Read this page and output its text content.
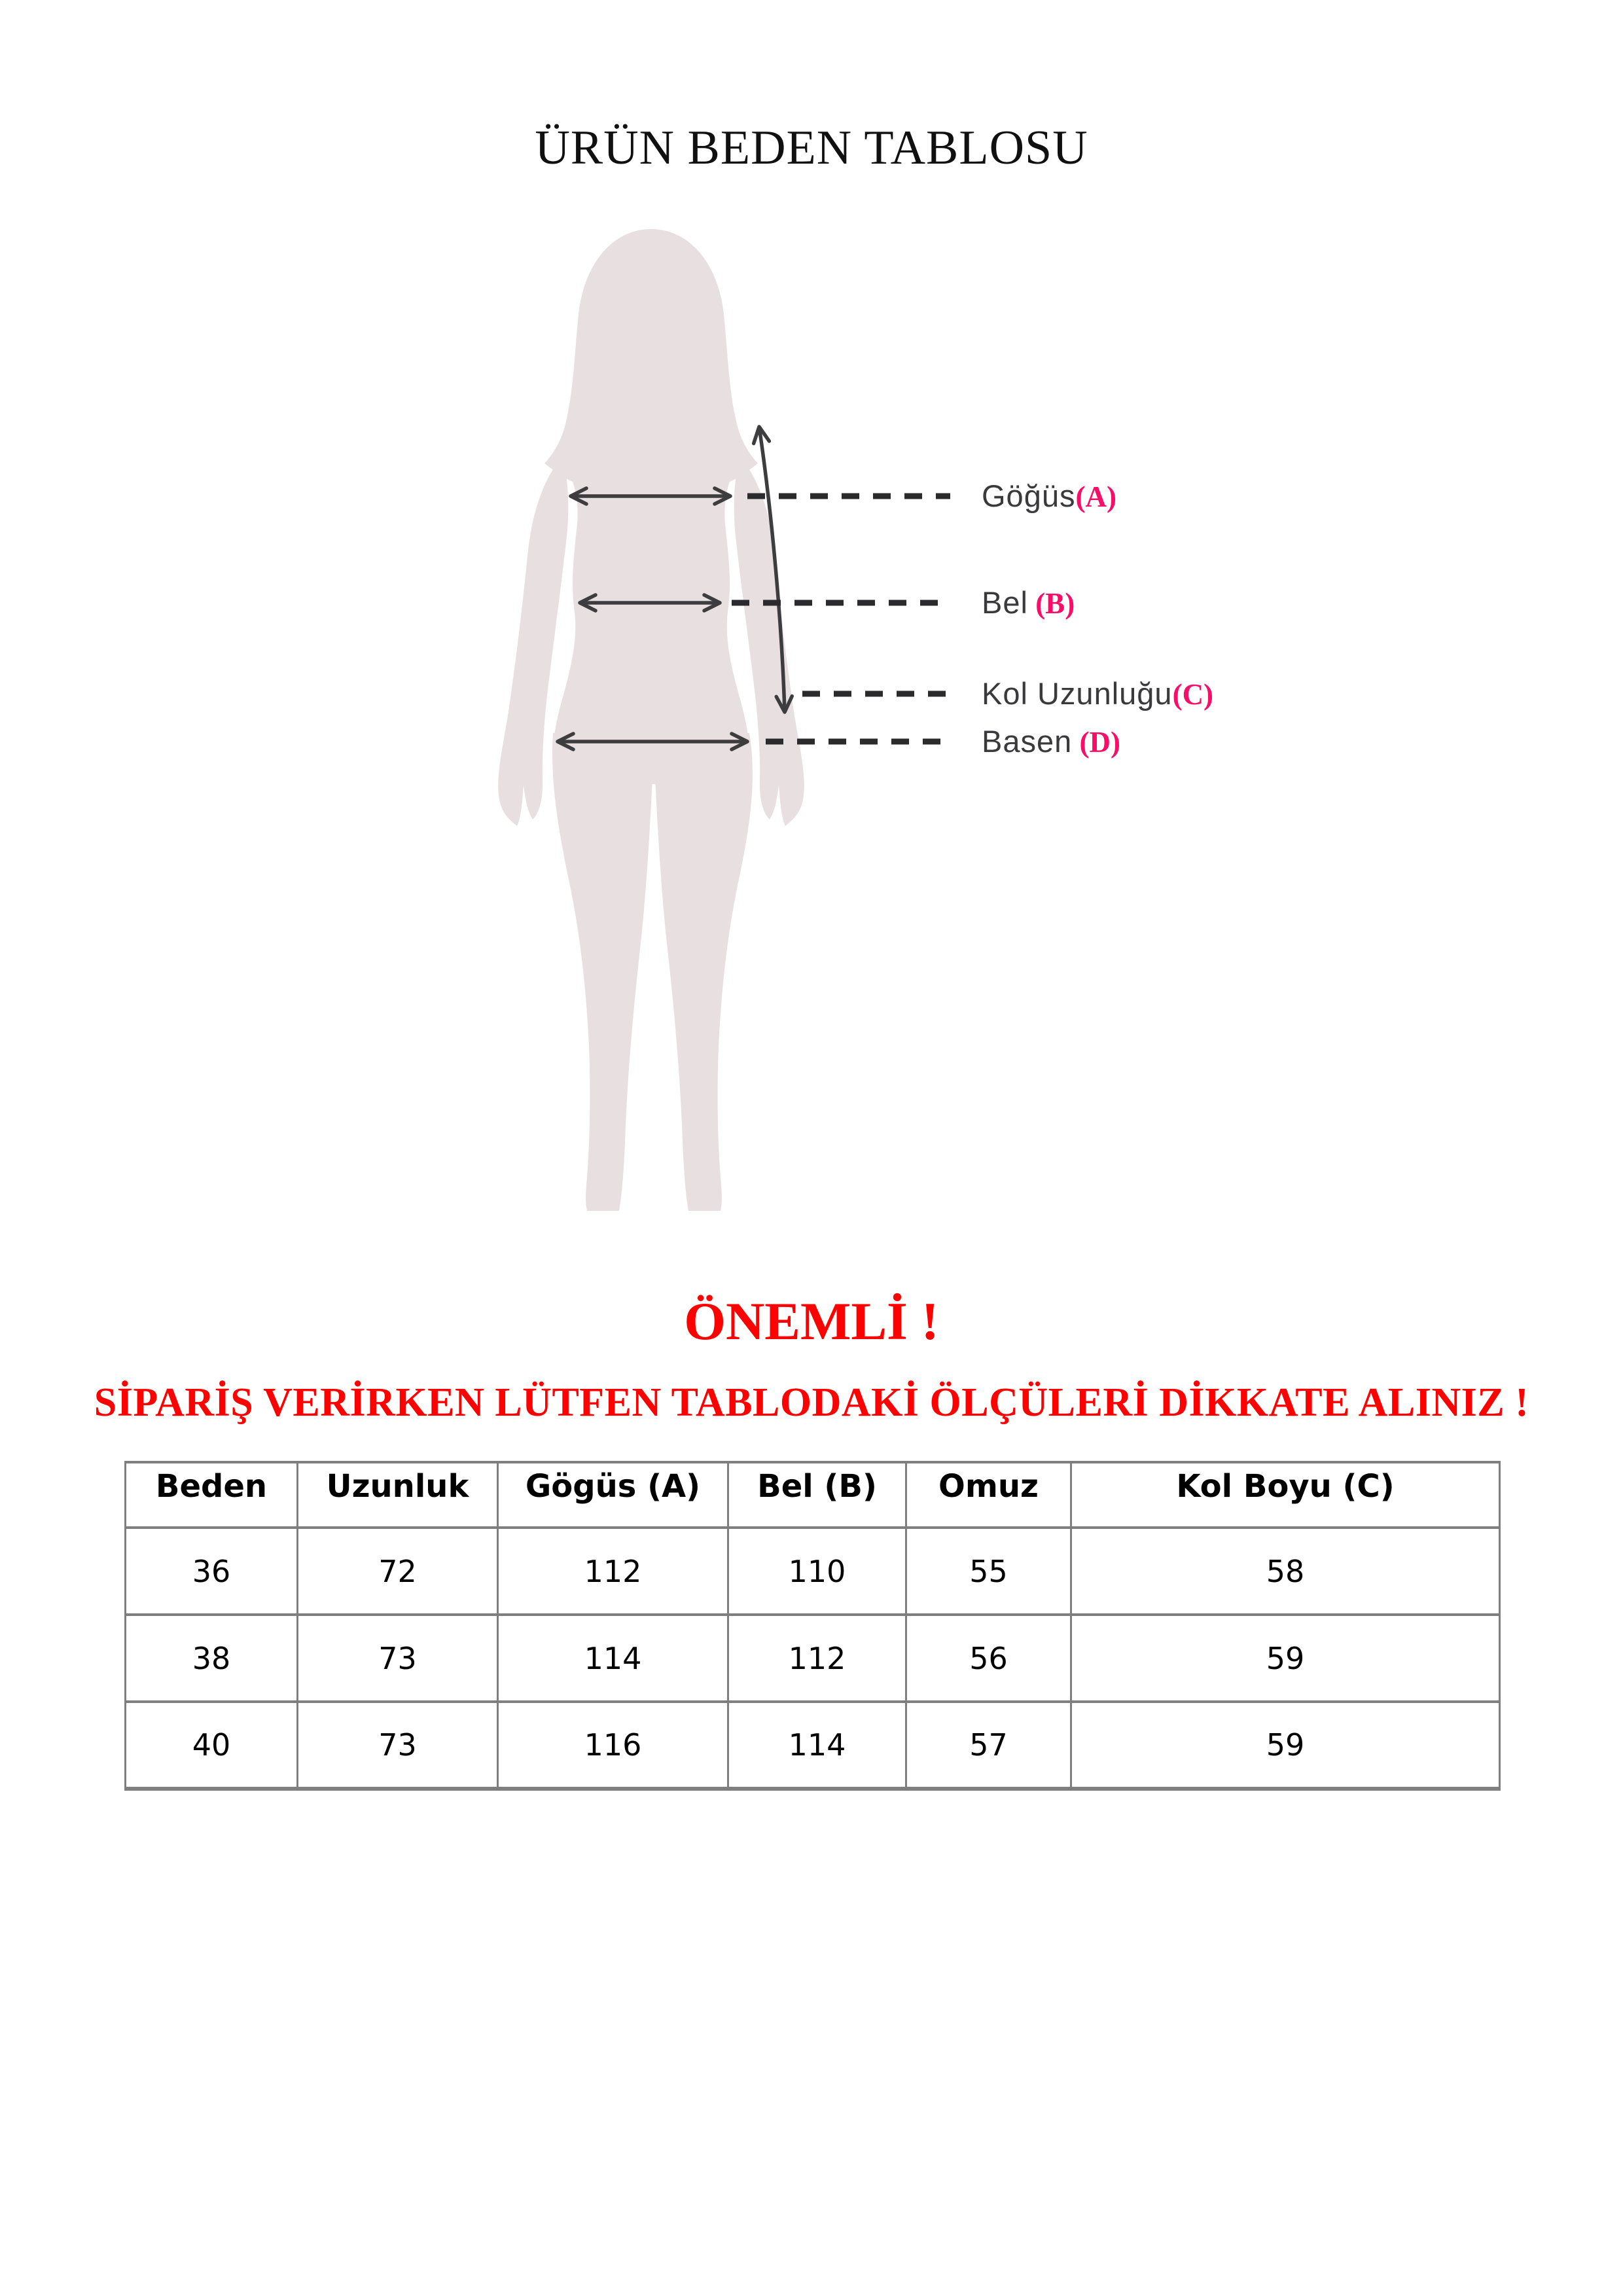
ÜRÜN BEDEN TABLOSU
Göğüs(A)
Bel (B)
Kol Uzunluğu(C)
Basen (D)
ÖNEMLİ !
SİPARİŞ VERİRKEN LÜTFEN TABLODAKİ ÖLÇÜLERİ DİKKATE ALINIZ !
Beden	Uzunluk	Gögüs (A)	Bel (B)	Omuz	Kol Boyu (C)
36	72	112	110	55	58
38	73	114	112	56	59
40	73	116	114	57	59
